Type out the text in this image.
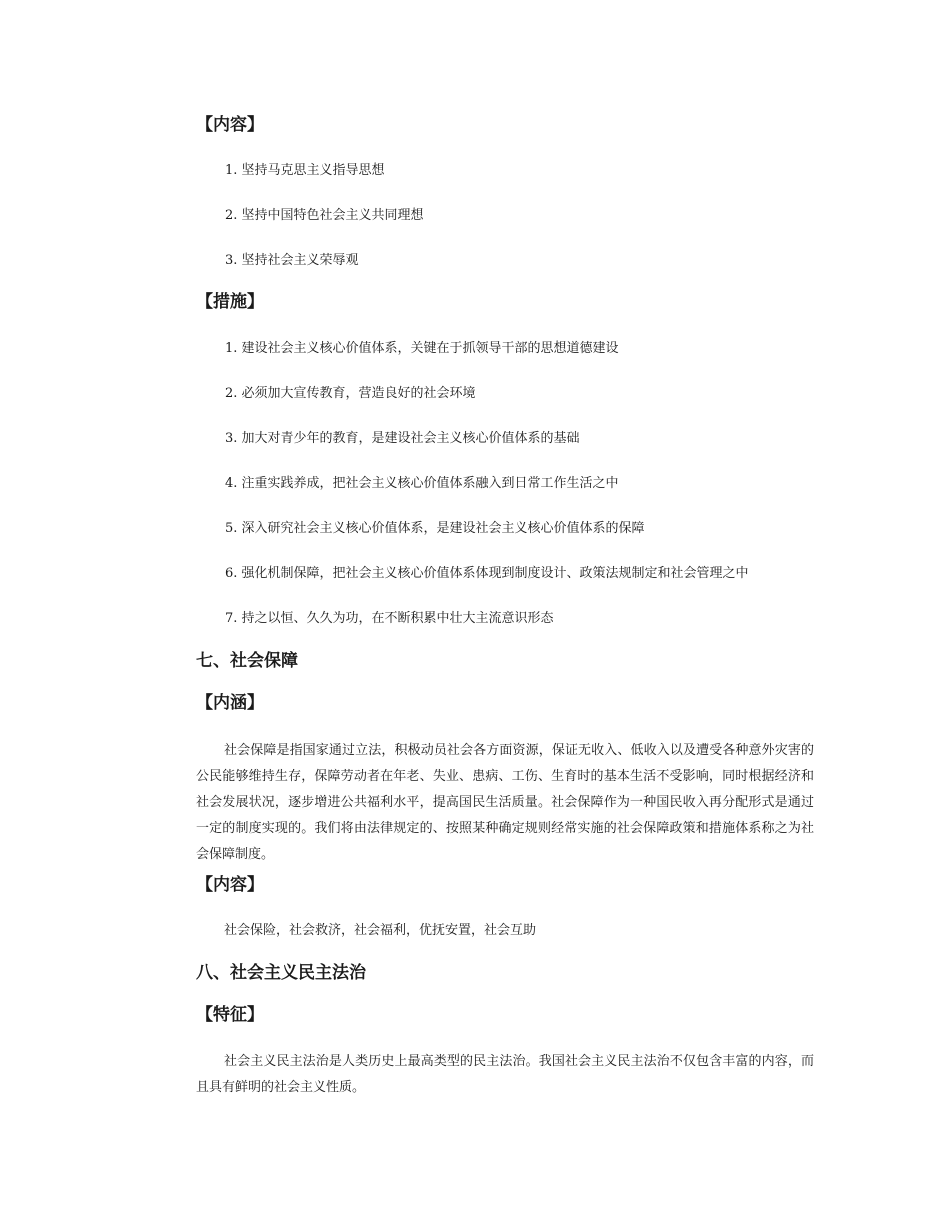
【内容】
1. 坚持马克思主义指导思想
2. 坚持中国特色社会主义共同理想
3. 坚持社会主义荣辱观
【措施】
1. 建设社会主义核心价值体系，关键在于抓领导干部的思想道德建设
2. 必须加大宣传教育，营造良好的社会环境
3. 加大对青少年的教育，是建设社会主义核心价值体系的基础
4. 注重实践养成，把社会主义核心价值体系融入到日常工作生活之中
5. 深入研究社会主义核心价值体系，是建设社会主义核心价值体系的保障
6. 强化机制保障，把社会主义核心价值体系体现到制度设计、政策法规制定和社会管理之中
7. 持之以恒、久久为功，在不断积累中壮大主流意识形态
七、社会保障
【内涵】
社会保障是指国家通过立法，积极动员社会各方面资源，保证无收入、低收入以及遭受各种意外灾害的公民能够维持生存，保障劳动者在年老、失业、患病、工伤、生育时的基本生活不受影响，同时根据经济和社会发展状况，逐步增进公共福利水平，提高国民生活质量。社会保障作为一种国民收入再分配形式是通过一定的制度实现的。我们将由法律规定的、按照某种确定规则经常实施的社会保障政策和措施体系称之为社会保障制度。
【内容】
社会保险，社会救济，社会福利，优抚安置，社会互助
八、社会主义民主法治
【特征】
社会主义民主法治是人类历史上最高类型的民主法治。我国社会主义民主法治不仅包含丰富的内容，而且具有鲜明的社会主义性质。
